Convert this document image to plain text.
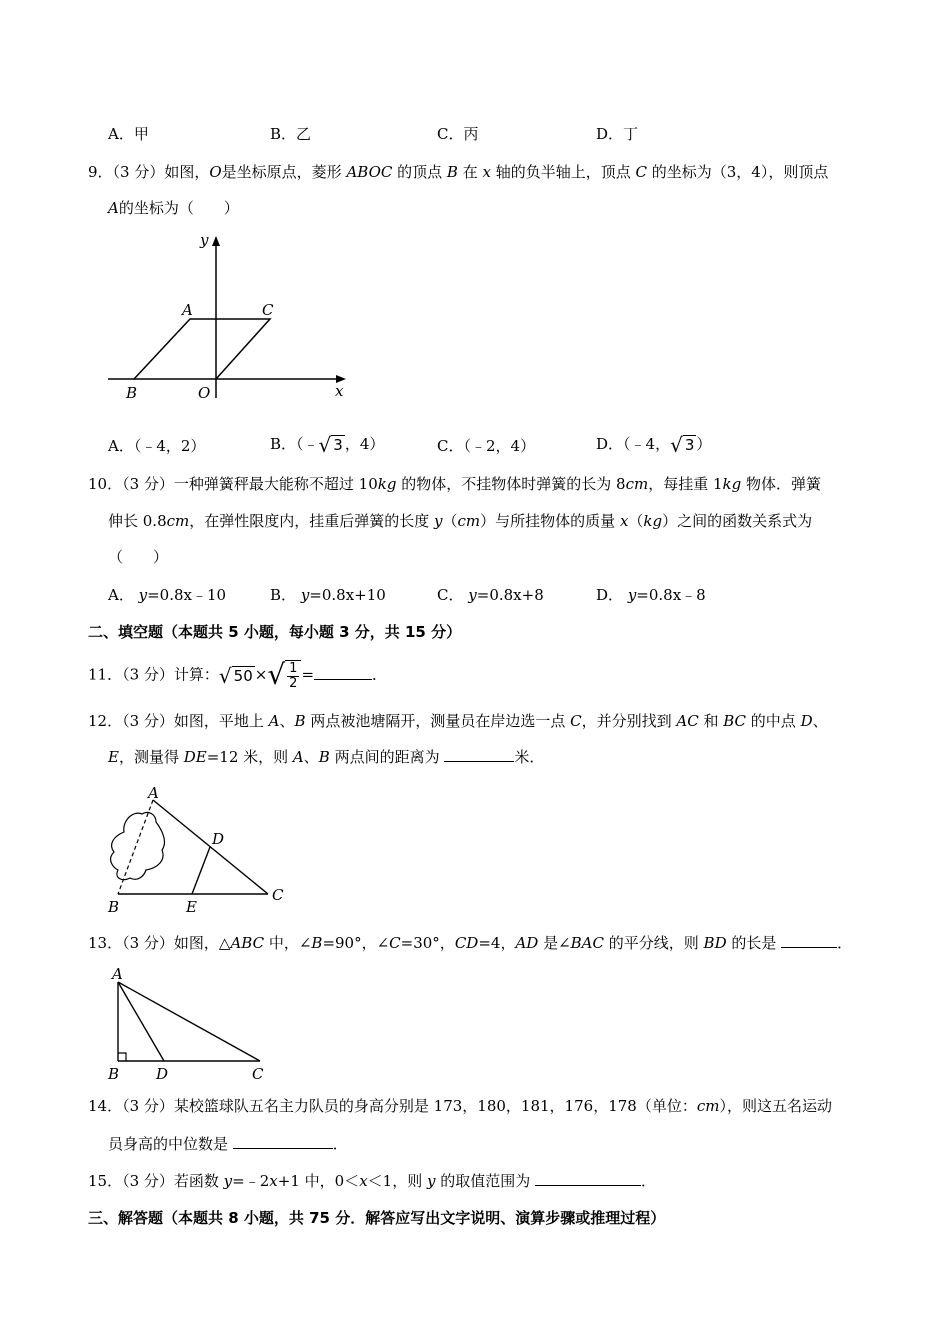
A．甲	B．乙	C．丙	D．丁
9．（3 分）如图，O是坐标原点，菱形 ABOC 的顶点 B 在 x 轴的负半轴上，顶点 C 的坐标为（3，4），则顶点
A的坐标为（　　）
y
x
A	C
B	O
A．（﹣4，2）	B．（﹣ √ 3 ，4）	C．（﹣2，4）	D．（﹣4， √ 3 ）
10．（3 分）一种弹簧秤最大能称不超过 10kg 的物体，不挂物体时弹簧的长为 8cm，每挂重 1kg 物体．弹簧
伸长 0.8cm，在弹性限度内，挂重后弹簧的长度 y（cm）与所挂物体的质量 x（kg）之间的函数关系式为
（　　）
A． y=0.8x﹣10	B． y=0.8x+10	C． y=0.8x+8	D． y=0.8x﹣8
二、填空题（本题共 5 小题，每小题 3 分，共 15 分）
11．（3 分）计算： √ 50 × √ $\frac{1}{2}$ =	．
12．（3 分）如图，平地上 A、B 两点被池塘隔开，测量员在岸边选一点 C，并分别找到 AC 和 BC 的中点 D、
E，测量得 DE=12 米，则 A、B 两点间的距离为	米．
A
D
C
B	E
13．（3 分）如图，△ABC 中，∠B=90°，∠C=30°，CD=4，AD 是∠BAC 的平分线，则 BD 的长是	．
A
B D	C
14．（3 分）某校篮球队五名主力队员的身高分别是 173，180，181，176，178（单位：cm），则这五名运动
员身高的中位数是	．
15．（3 分）若函数 y=﹣2x+1 中，0＜x＜1，则 y 的取值范围为	．
三、解答题（本题共 8 小题，共 75 分．解答应写出文字说明、演算步骤或推理过程）
